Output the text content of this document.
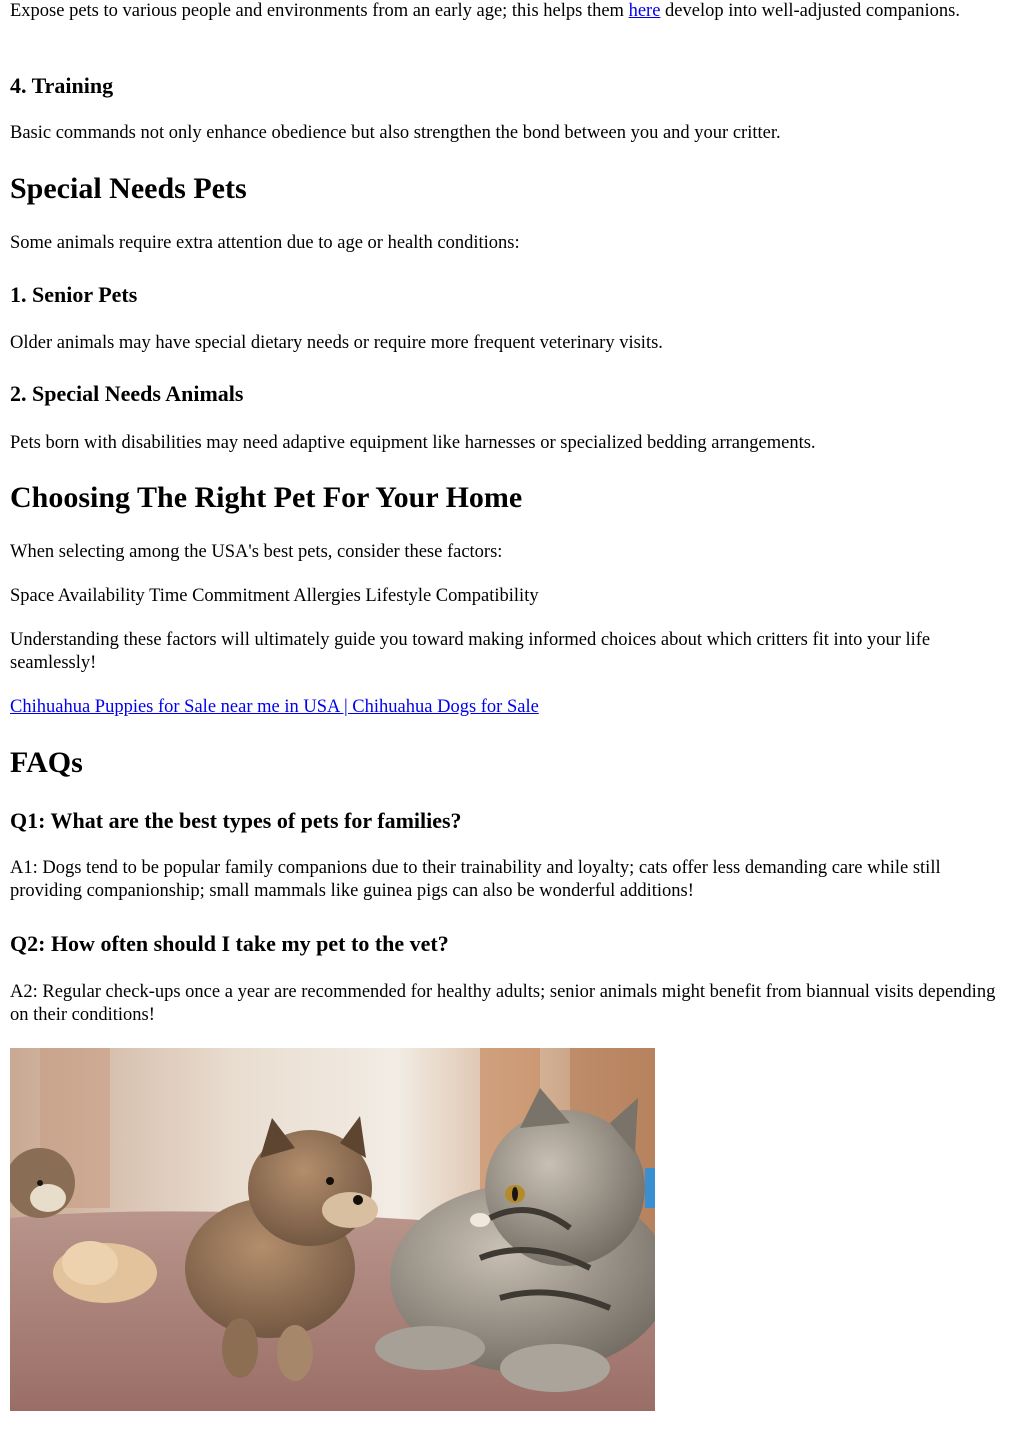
Expose pets to various people and environments from an early age; this helps them here develop into well-adjusted companions.

4. Training

Basic commands not only enhance obedience but also strengthen the bond between you and your critter.

Special Needs Pets

Some animals require extra attention due to age or health conditions:

1. Senior Pets

Older animals may have special dietary needs or require more frequent veterinary visits.

2. Special Needs Animals

Pets born with disabilities may need adaptive equipment like harnesses or specialized bedding arrangements.

Choosing The Right Pet For Your Home

When selecting among the USA's best pets, consider these factors:

Space Availability Time Commitment Allergies Lifestyle Compatibility

Understanding these factors will ultimately guide you toward making informed choices about which critters fit into your life seamlessly!

Chihuahua Puppies for Sale near me in USA | Chihuahua Dogs for Sale

FAQs
Q1: What are the best types of pets for families?

A1: Dogs tend to be popular family companions due to their trainability and loyalty; cats offer less demanding care while still providing companionship; small mammals like guinea pigs can also be wonderful additions!

Q2: How often should I take my pet to the vet?

A2: Regular check-ups once a year are recommended for healthy adults; senior animals might benefit from biannual visits depending on their conditions!
